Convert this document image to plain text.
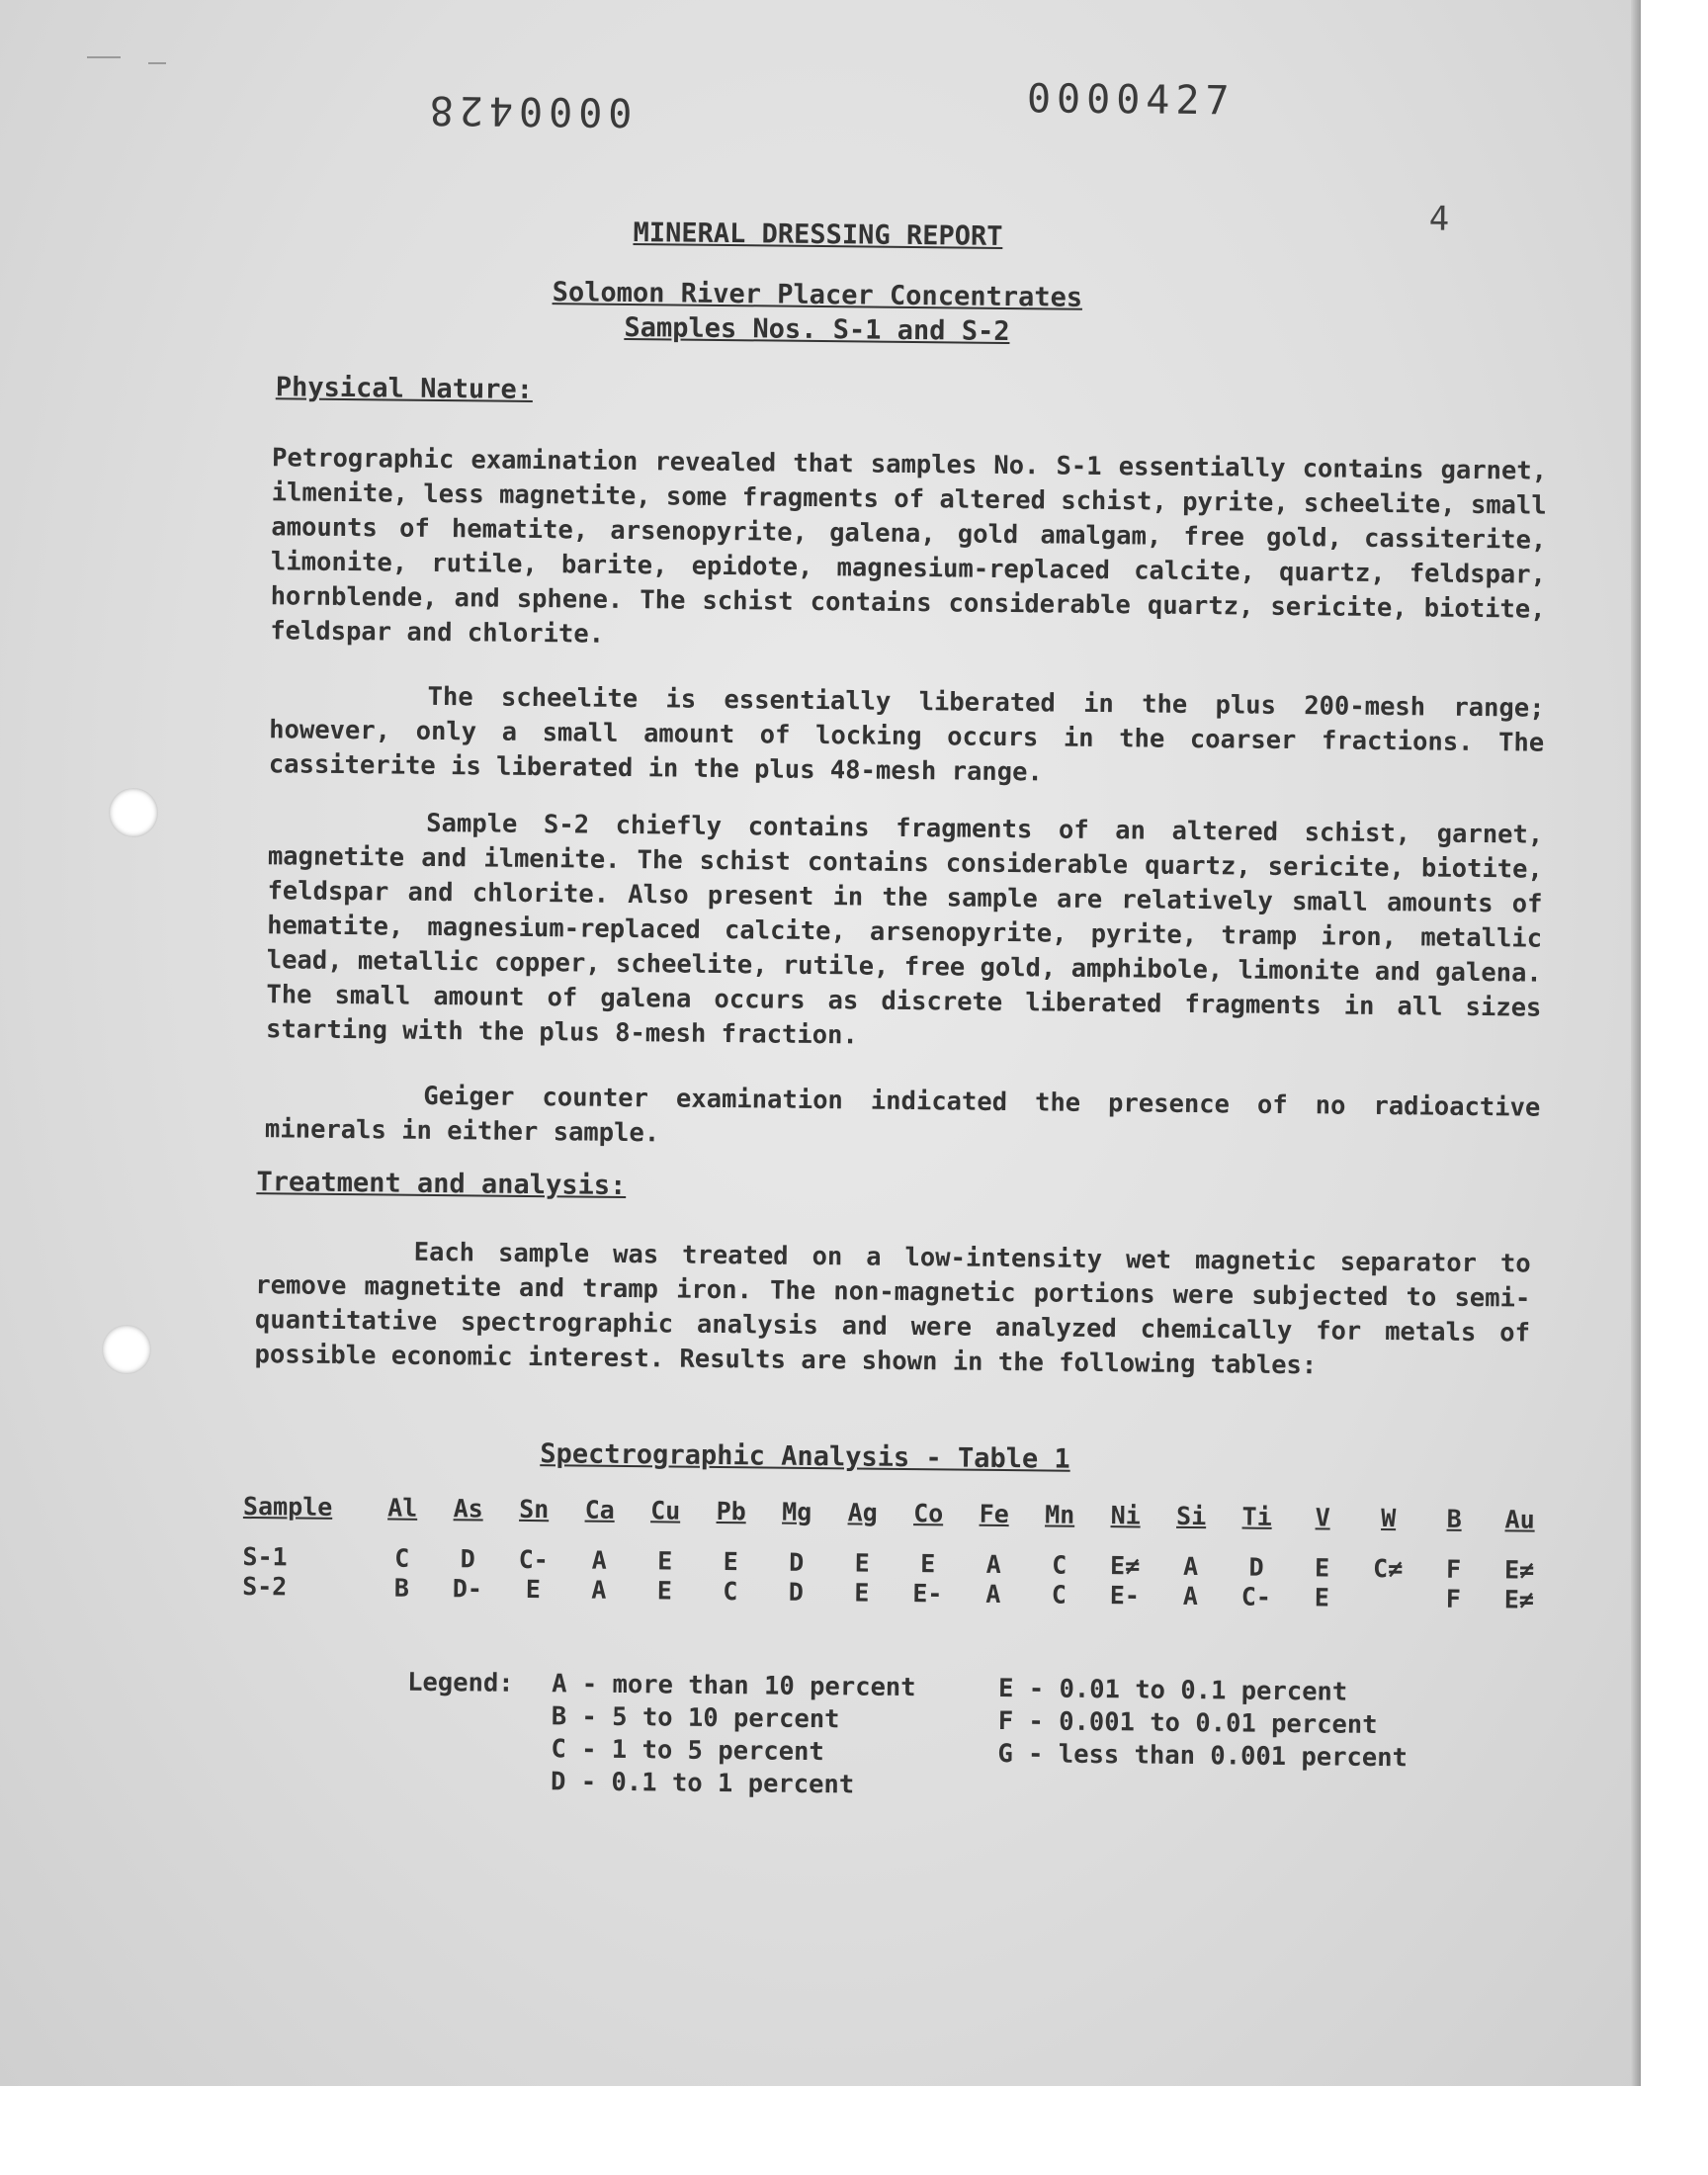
0000428	0000427
4
MINERAL DRESSING REPORT
Solomon River Placer Concentrates
Samples Nos. S-1 and S-2
Physical Nature:

Petrographic examination revealed that samples No. S-1 essentially contains garnet, ilmenite, less magnetite, some fragments of altered schist, pyrite, scheelite, small amounts of hematite, arsenopyrite, galena, gold amalgam, free gold, cassiterite, limonite, rutile, barite, epidote, magnesium-replaced calcite, quartz, feldspar, hornblende, and sphene. The schist contains considerable quartz, sericite, biotite, feldspar and chlorite.

The scheelite is essentially liberated in the plus 200-mesh range; however, only a small amount of locking occurs in the coarser fractions. The cassiterite is liberated in the plus 48-mesh range.

Sample S-2 chiefly contains fragments of an altered schist, garnet, magnetite and ilmenite. The schist contains considerable quartz, sericite, biotite, feldspar and chlorite. Also present in the sample are relatively small amounts of hematite, magnesium-replaced calcite, arsenopyrite, pyrite, tramp iron, metallic lead, metallic copper, scheelite, rutile, free gold, amphibole, limonite and galena. The small amount of galena occurs as discrete liberated fragments in all sizes starting with the plus 8-mesh fraction.

Geiger counter examination indicated the presence of no radioactive minerals in either sample.

Treatment and analysis:

Each sample was treated on a low-intensity wet magnetic separator to remove magnetite and tramp iron. The non-magnetic portions were subjected to semi-quantitative spectrographic analysis and were analyzed chemically for metals of possible economic interest. Results are shown in the following tables:

Spectrographic Analysis - Table 1
Sample	Al	As	Sn	Ca	Cu	Pb	Mg	Ag	Co	Fe	Mn	Ni	Si	Ti	V	W	B	Au
S-1	C	D	C-	A	E	E	D	E	E	A	C	E≠	A	D	E	C≠	F	E≠
S-2	B	D-	E	A	E	C	D	E	E-	A	C	E-	A	C-	E		F	E≠
Legend: A - more than 10 percent
B - 5 to 10 percent
C - 1 to 5 percent
D - 0.1 to 1 percent
E - 0.01 to 0.1 percent
F - 0.001 to 0.01 percent
G - less than 0.001 percent
